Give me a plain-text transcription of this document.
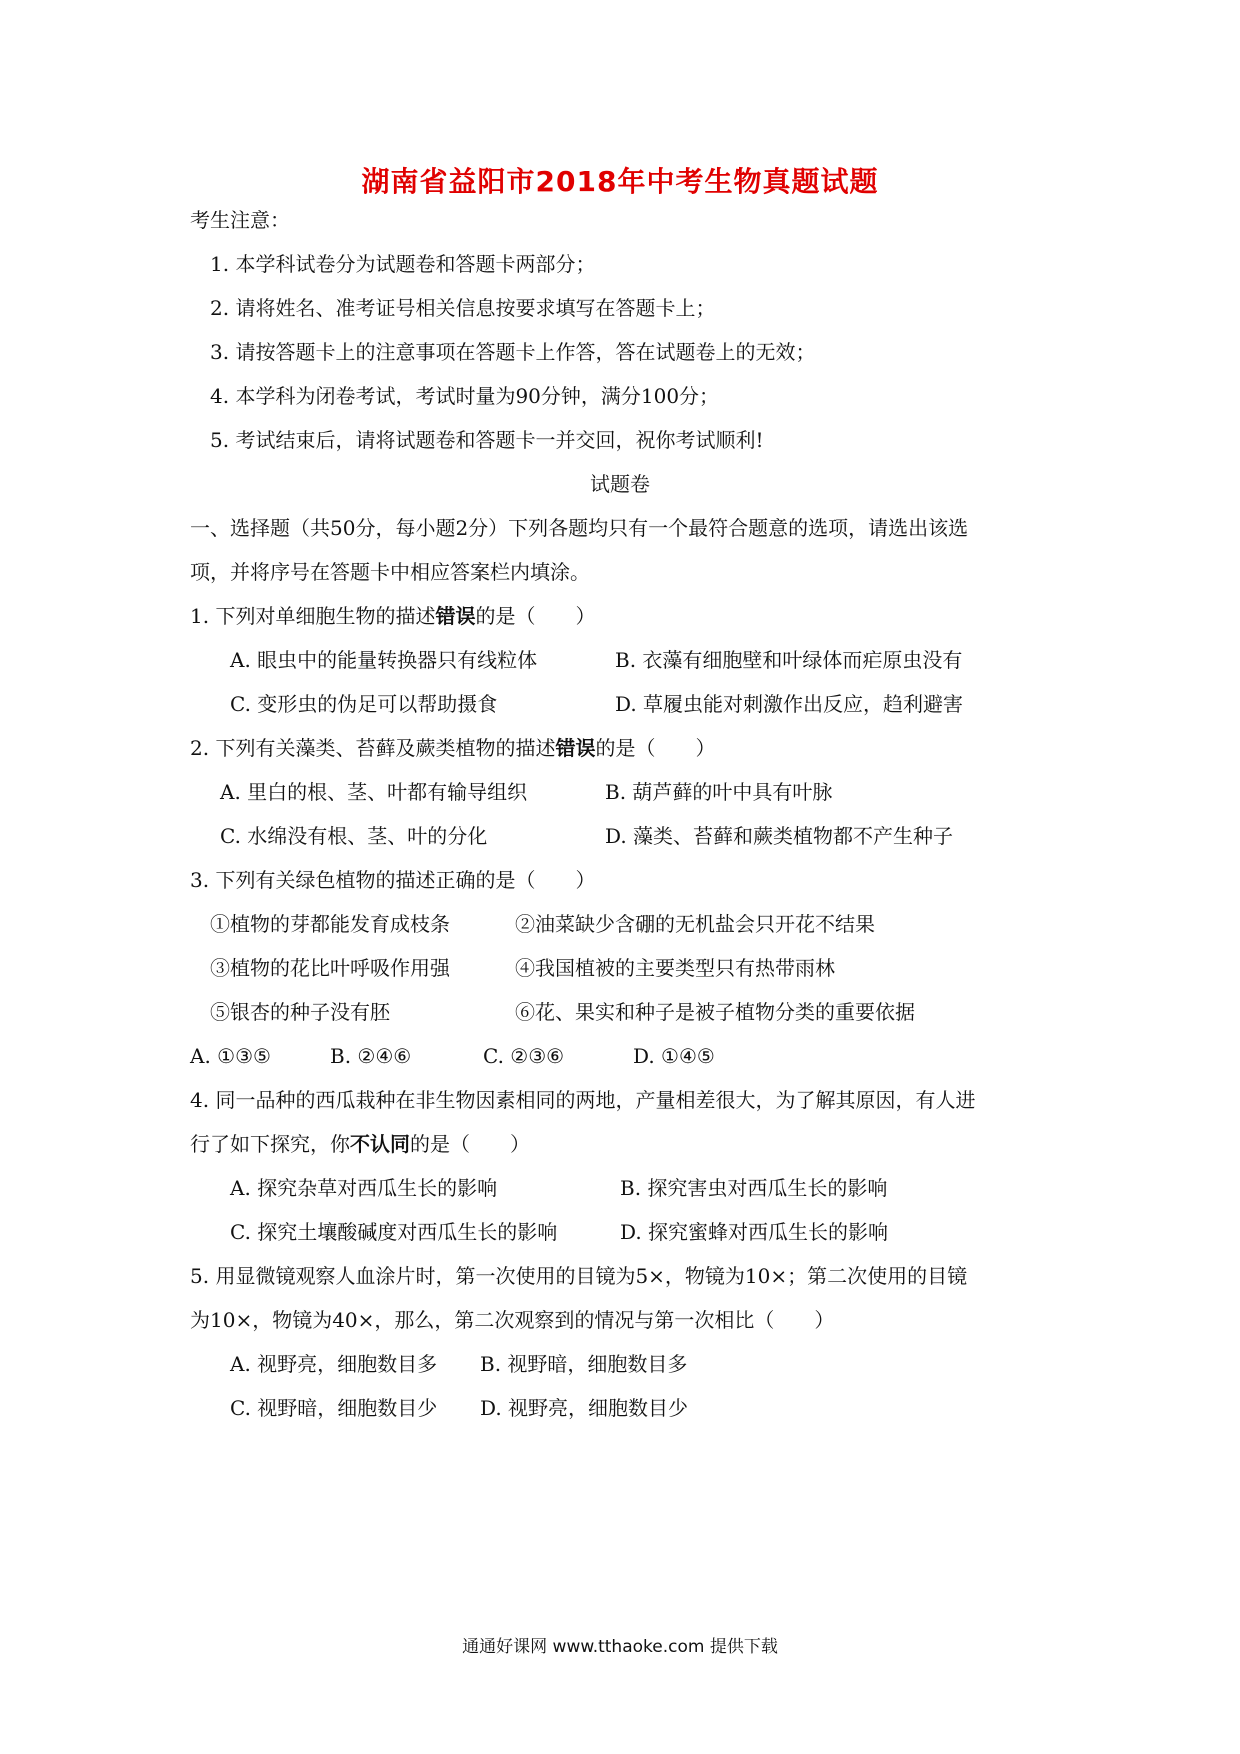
湖南省益阳市2018年中考生物真题试题
考生注意：
1. 本学科试卷分为试题卷和答题卡两部分；
2. 请将姓名、准考证号相关信息按要求填写在答题卡上；
3. 请按答题卡上的注意事项在答题卡上作答，答在试题卷上的无效；
4. 本学科为闭卷考试，考试时量为90分钟，满分100分；
5. 考试结束后，请将试题卷和答题卡一并交回，祝你考试顺利!
试题卷
一、选择题（共50分，每小题2分）下列各题均只有一个最符合题意的选项，请选出该选
项，并将序号在答题卡中相应答案栏内填涂。
1. 下列对单细胞生物的描述错误的是（　　）
A. 眼虫中的能量转换器只有线粒体	B. 衣藻有细胞壁和叶绿体而疟原虫没有
C. 变形虫的伪足可以帮助摄食	D. 草履虫能对刺激作出反应，趋利避害
2. 下列有关藻类、苔藓及蕨类植物的描述错误的是（　　）
A. 里白的根、茎、叶都有输导组织	B. 葫芦藓的叶中具有叶脉
C. 水绵没有根、茎、叶的分化	D. 藻类、苔藓和蕨类植物都不产生种子
3. 下列有关绿色植物的描述正确的是（　　）
①植物的芽都能发育成枝条	②油菜缺少含硼的无机盐会只开花不结果
③植物的花比叶呼吸作用强	④我国植被的主要类型只有热带雨林
⑤银杏的种子没有胚	⑥花、果实和种子是被子植物分类的重要依据
A. ①③⑤	B. ②④⑥	C. ②③⑥	D. ①④⑤
4. 同一品种的西瓜栽种在非生物因素相同的两地，产量相差很大，为了解其原因，有人进
行了如下探究，你不认同的是（　　）
A. 探究杂草对西瓜生长的影响	B. 探究害虫对西瓜生长的影响
C. 探究土壤酸碱度对西瓜生长的影响	D. 探究蜜蜂对西瓜生长的影响
5. 用显微镜观察人血涂片时，第一次使用的目镜为5×，物镜为10×；第二次使用的目镜
为10×，物镜为40×，那么，第二次观察到的情况与第一次相比（　　）
A. 视野亮，细胞数目多 B. 视野暗，细胞数目多
C. 视野暗，细胞数目少 D. 视野亮，细胞数目少
通通好课网 www.tthaoke.com 提供下载
